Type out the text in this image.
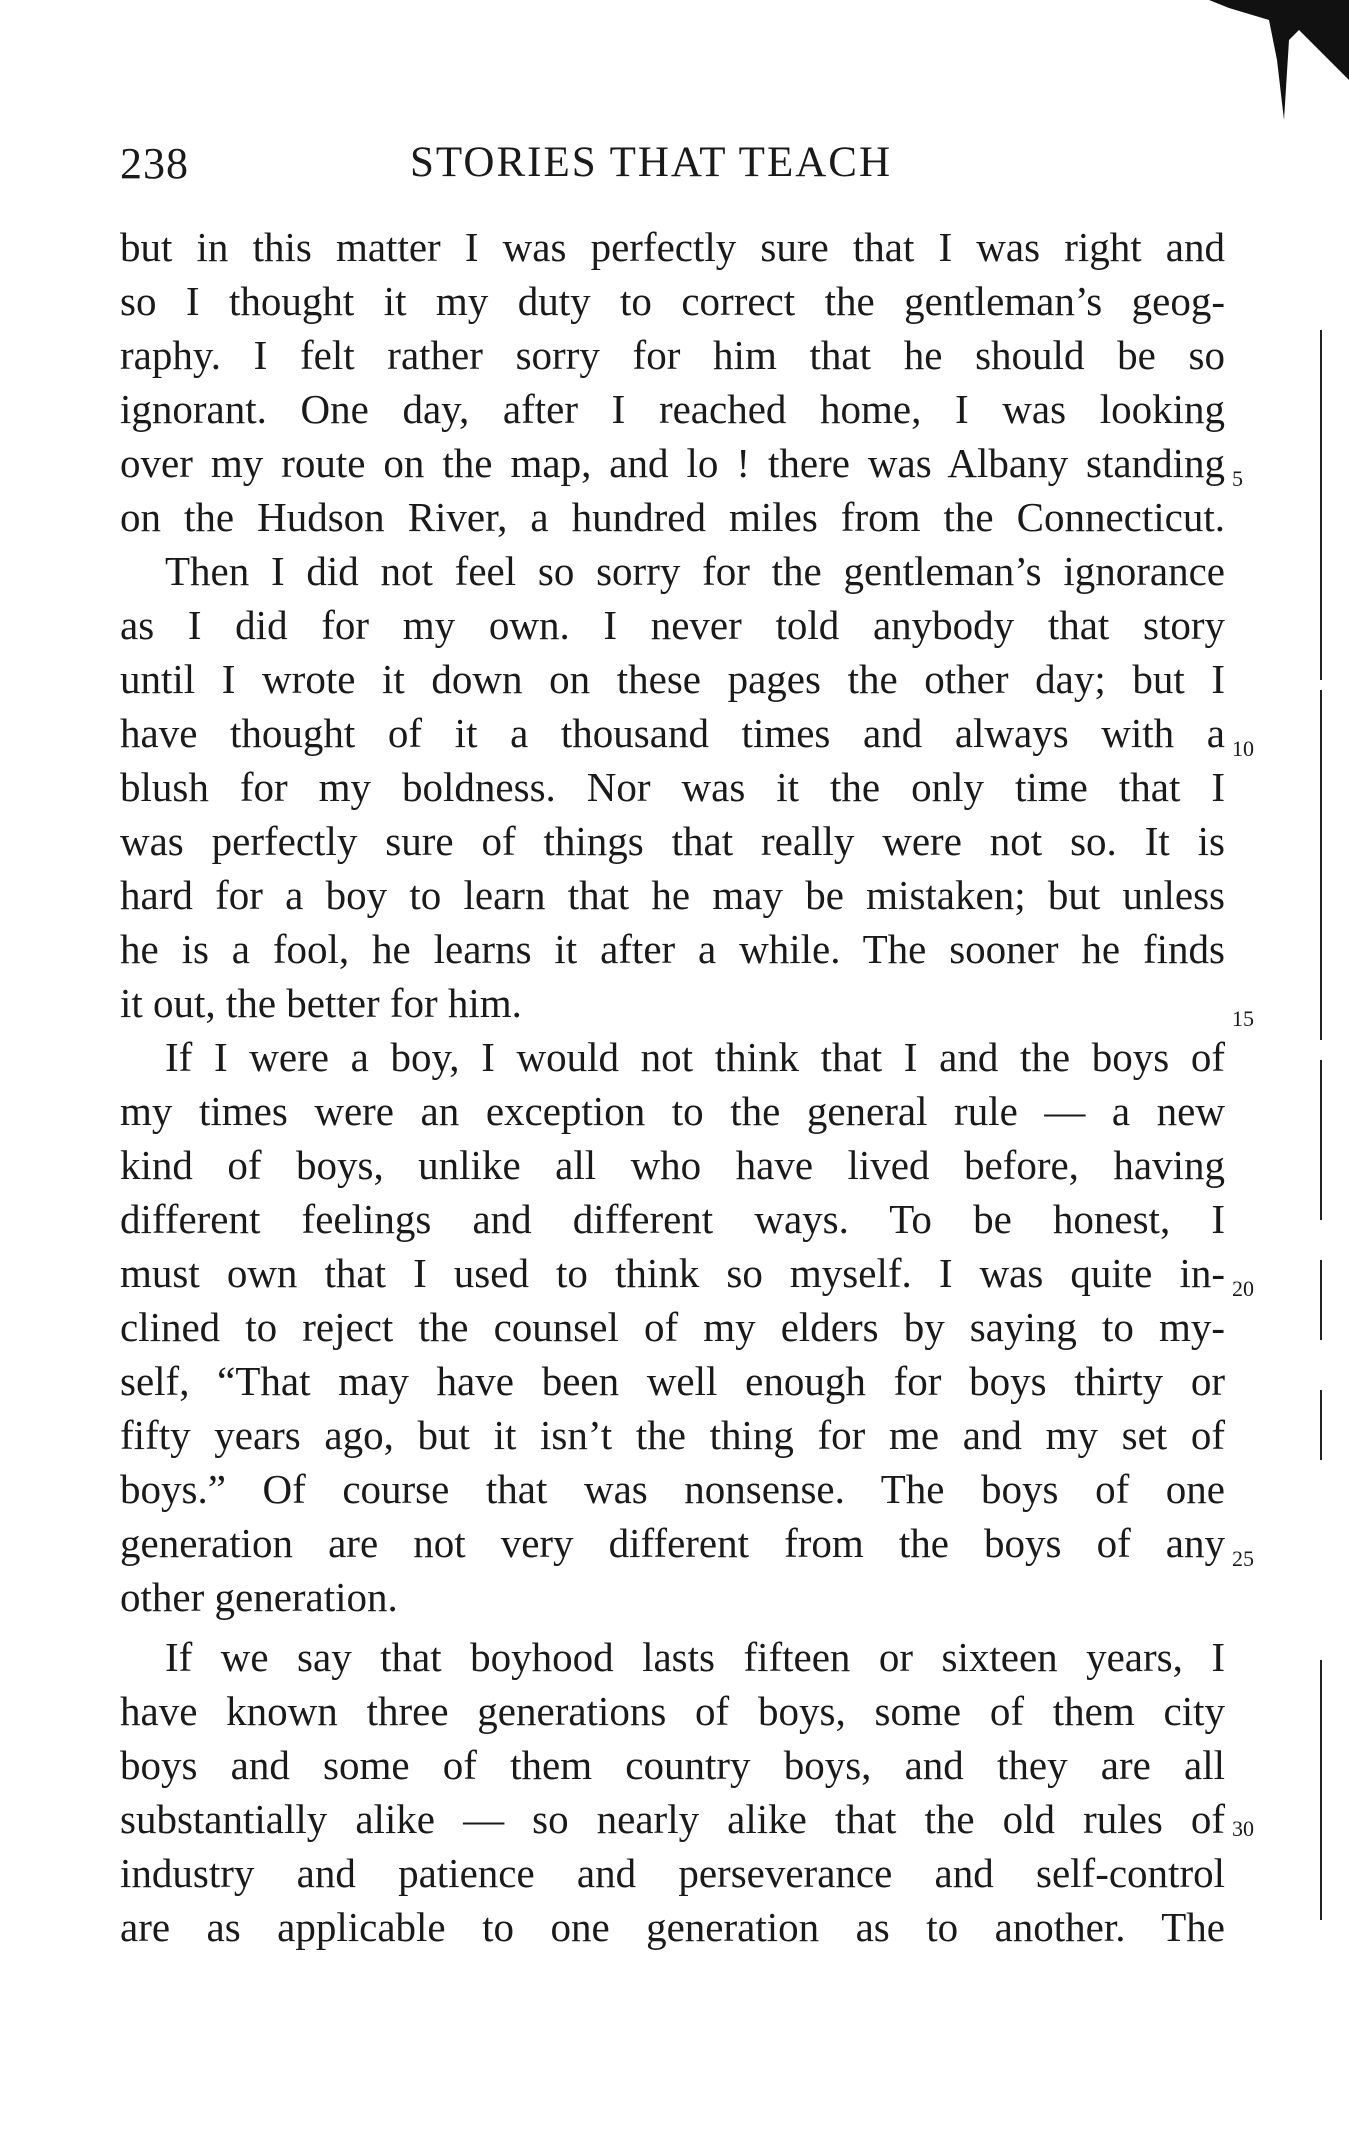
238	STORIES THAT TEACH
but in this matter I was perfectly sure that I was right and
so I thought it my duty to correct the gentleman’s geog-
raphy. I felt rather sorry for him that he should be so
ignorant. One day, after I reached home, I was looking
over my route on the map, and lo ! there was Albany standing
on the Hudson River, a hundred miles from the Connecticut.
Then I did not feel so sorry for the gentleman’s ignorance
as I did for my own. I never told anybody that story
until I wrote it down on these pages the other day; but I
have thought of it a thousand times and always with a
blush for my boldness. Nor was it the only time that I
was perfectly sure of things that really were not so. It is
hard for a boy to learn that he may be mistaken; but unless
he is a fool, he learns it after a while. The sooner he finds
it out, the better for him.
If I were a boy, I would not think that I and the boys of
my times were an exception to the general rule — a new
kind of boys, unlike all who have lived before, having
different feelings and different ways. To be honest, I
must own that I used to think so myself. I was quite in-
clined to reject the counsel of my elders by saying to my-
self, “That may have been well enough for boys thirty or
fifty years ago, but it isn’t the thing for me and my set of
boys.” Of course that was nonsense. The boys of one
generation are not very different from the boys of any
other generation.
If we say that boyhood lasts fifteen or sixteen years, I
have known three generations of boys, some of them city
boys and some of them country boys, and they are all
substantially alike — so nearly alike that the old rules of
industry and patience and perseverance and self-control
are as applicable to one generation as to another. The
5
10
15
20
25
30
